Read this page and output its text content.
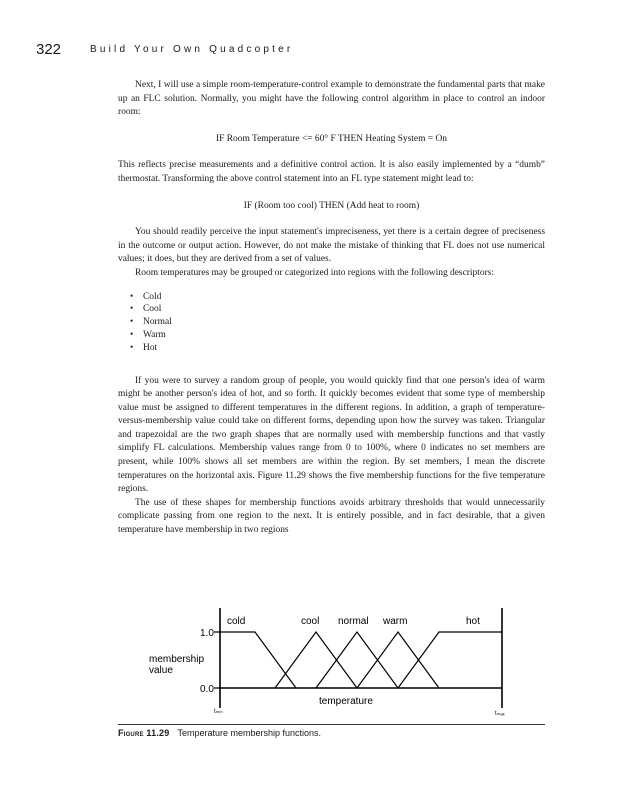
322	Build Your Own Quadcopter

Next, I will use a simple room-temperature-control example to demonstrate the fundamental parts that make up an FLC solution. Normally, you might have the following control algorithm in place to control an indoor room:

IF Room Temperature <= 60° F THEN Heating System = On

This reflects precise measurements and a definitive control action. It is also easily implemented by a “dumb” thermostat. Transforming the above control statement into an FL type statement might lead to:

IF (Room too cool) THEN (Add heat to room)

You should readily perceive the input statement's impreciseness, yet there is a certain degree of preciseness in the outcome or output action. However, do not make the mistake of thinking that FL does not use numerical values; it does, but they are derived from a set of values.

Room temperatures may be grouped or categorized into regions with the following descriptors:

• Cold
• Cool
• Normal
• Warm
• Hot

If you were to survey a random group of people, you would quickly find that one person's idea of warm might be another person's idea of hot, and so forth. It quickly becomes evident that some type of membership value must be assigned to different temperatures in the different regions. In addition, a graph of temperature-versus-membership value could take on different forms, depending upon how the survey was taken. Triangular and trapezoidal are the two graph shapes that are normally used with membership functions and that vastly simplify FL calculations. Membership values range from 0 to 100%, where 0 indicates no set members are present, while 100% shows all set members are within the region. By set members, I mean the discrete temperatures on the horizontal axis. Figure 11.29 shows the five membership functions for the five temperature regions.

The use of these shapes for membership functions avoids arbitrary thresholds that would unnecessarily complicate passing from one region to the next. It is entirely possible, and in fact desirable, that a given temperature have membership in two regions

cold	cool normal warm	hot
1.0
0.0
membership
value
temperature
tₘᵢₙ	tₘₐₓ
Figure 11.29 Temperature membership functions.
